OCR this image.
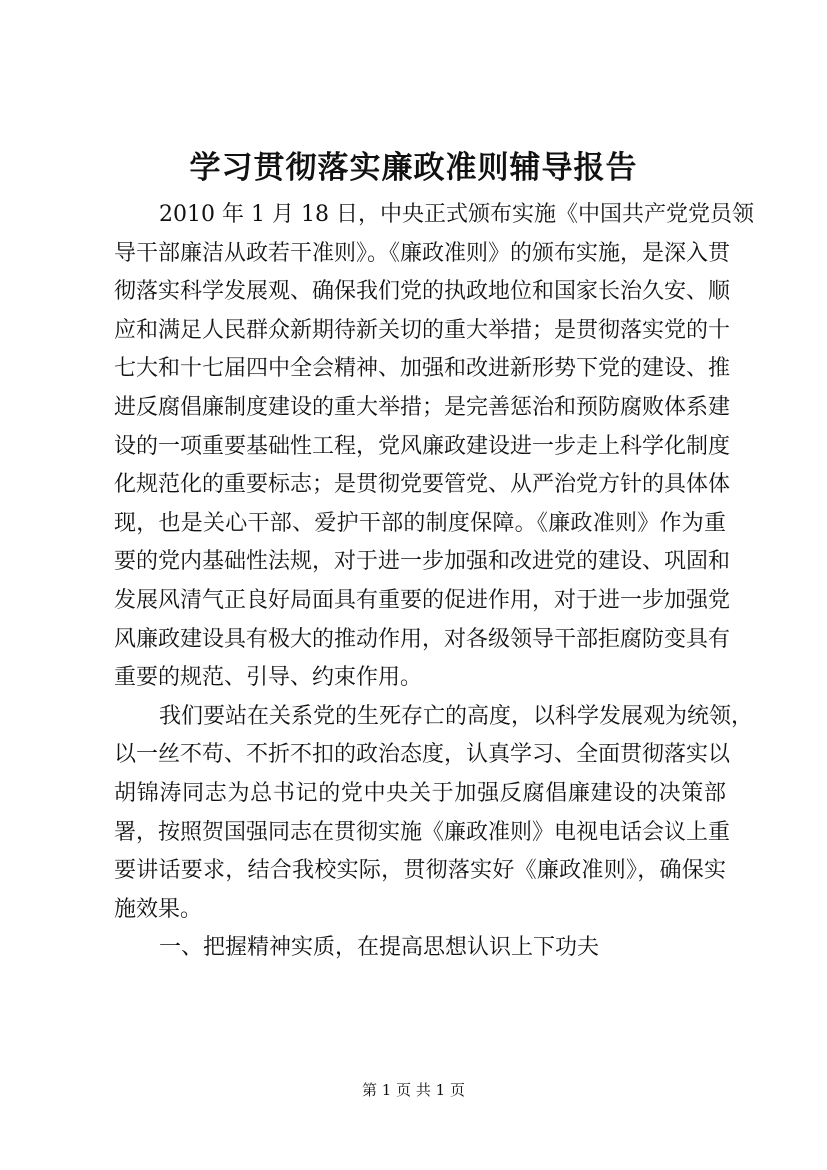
学习贯彻落实廉政准则辅导报告
2010 年 1 月 18 日，中央正式颁布实施《中国共产党党员领
导干部廉洁从政若干准则》。《廉政准则》的颁布实施，是深入贯
彻落实科学发展观、确保我们党的执政地位和国家长治久安、顺
应和满足人民群众新期待新关切的重大举措；是贯彻落实党的十
七大和十七届四中全会精神、加强和改进新形势下党的建设、推
进反腐倡廉制度建设的重大举措；是完善惩治和预防腐败体系建
设的一项重要基础性工程，党风廉政建设进一步走上科学化制度
化规范化的重要标志；是贯彻党要管党、从严治党方针的具体体
现，也是关心干部、爱护干部的制度保障。《廉政准则》作为重
要的党内基础性法规，对于进一步加强和改进党的建设、巩固和
发展风清气正良好局面具有重要的促进作用，对于进一步加强党
风廉政建设具有极大的推动作用，对各级领导干部拒腐防变具有
重要的规范、引导、约束作用。
我们要站在关系党的生死存亡的高度，以科学发展观为统领，
以一丝不苟、不折不扣的政治态度，认真学习、全面贯彻落实以
胡锦涛同志为总书记的党中央关于加强反腐倡廉建设的决策部
署，按照贺国强同志在贯彻实施《廉政准则》电视电话会议上重
要讲话要求，结合我校实际，贯彻落实好《廉政准则》，确保实
施效果。
一、把握精神实质，在提高思想认识上下功夫
第 1 页 共 1 页
